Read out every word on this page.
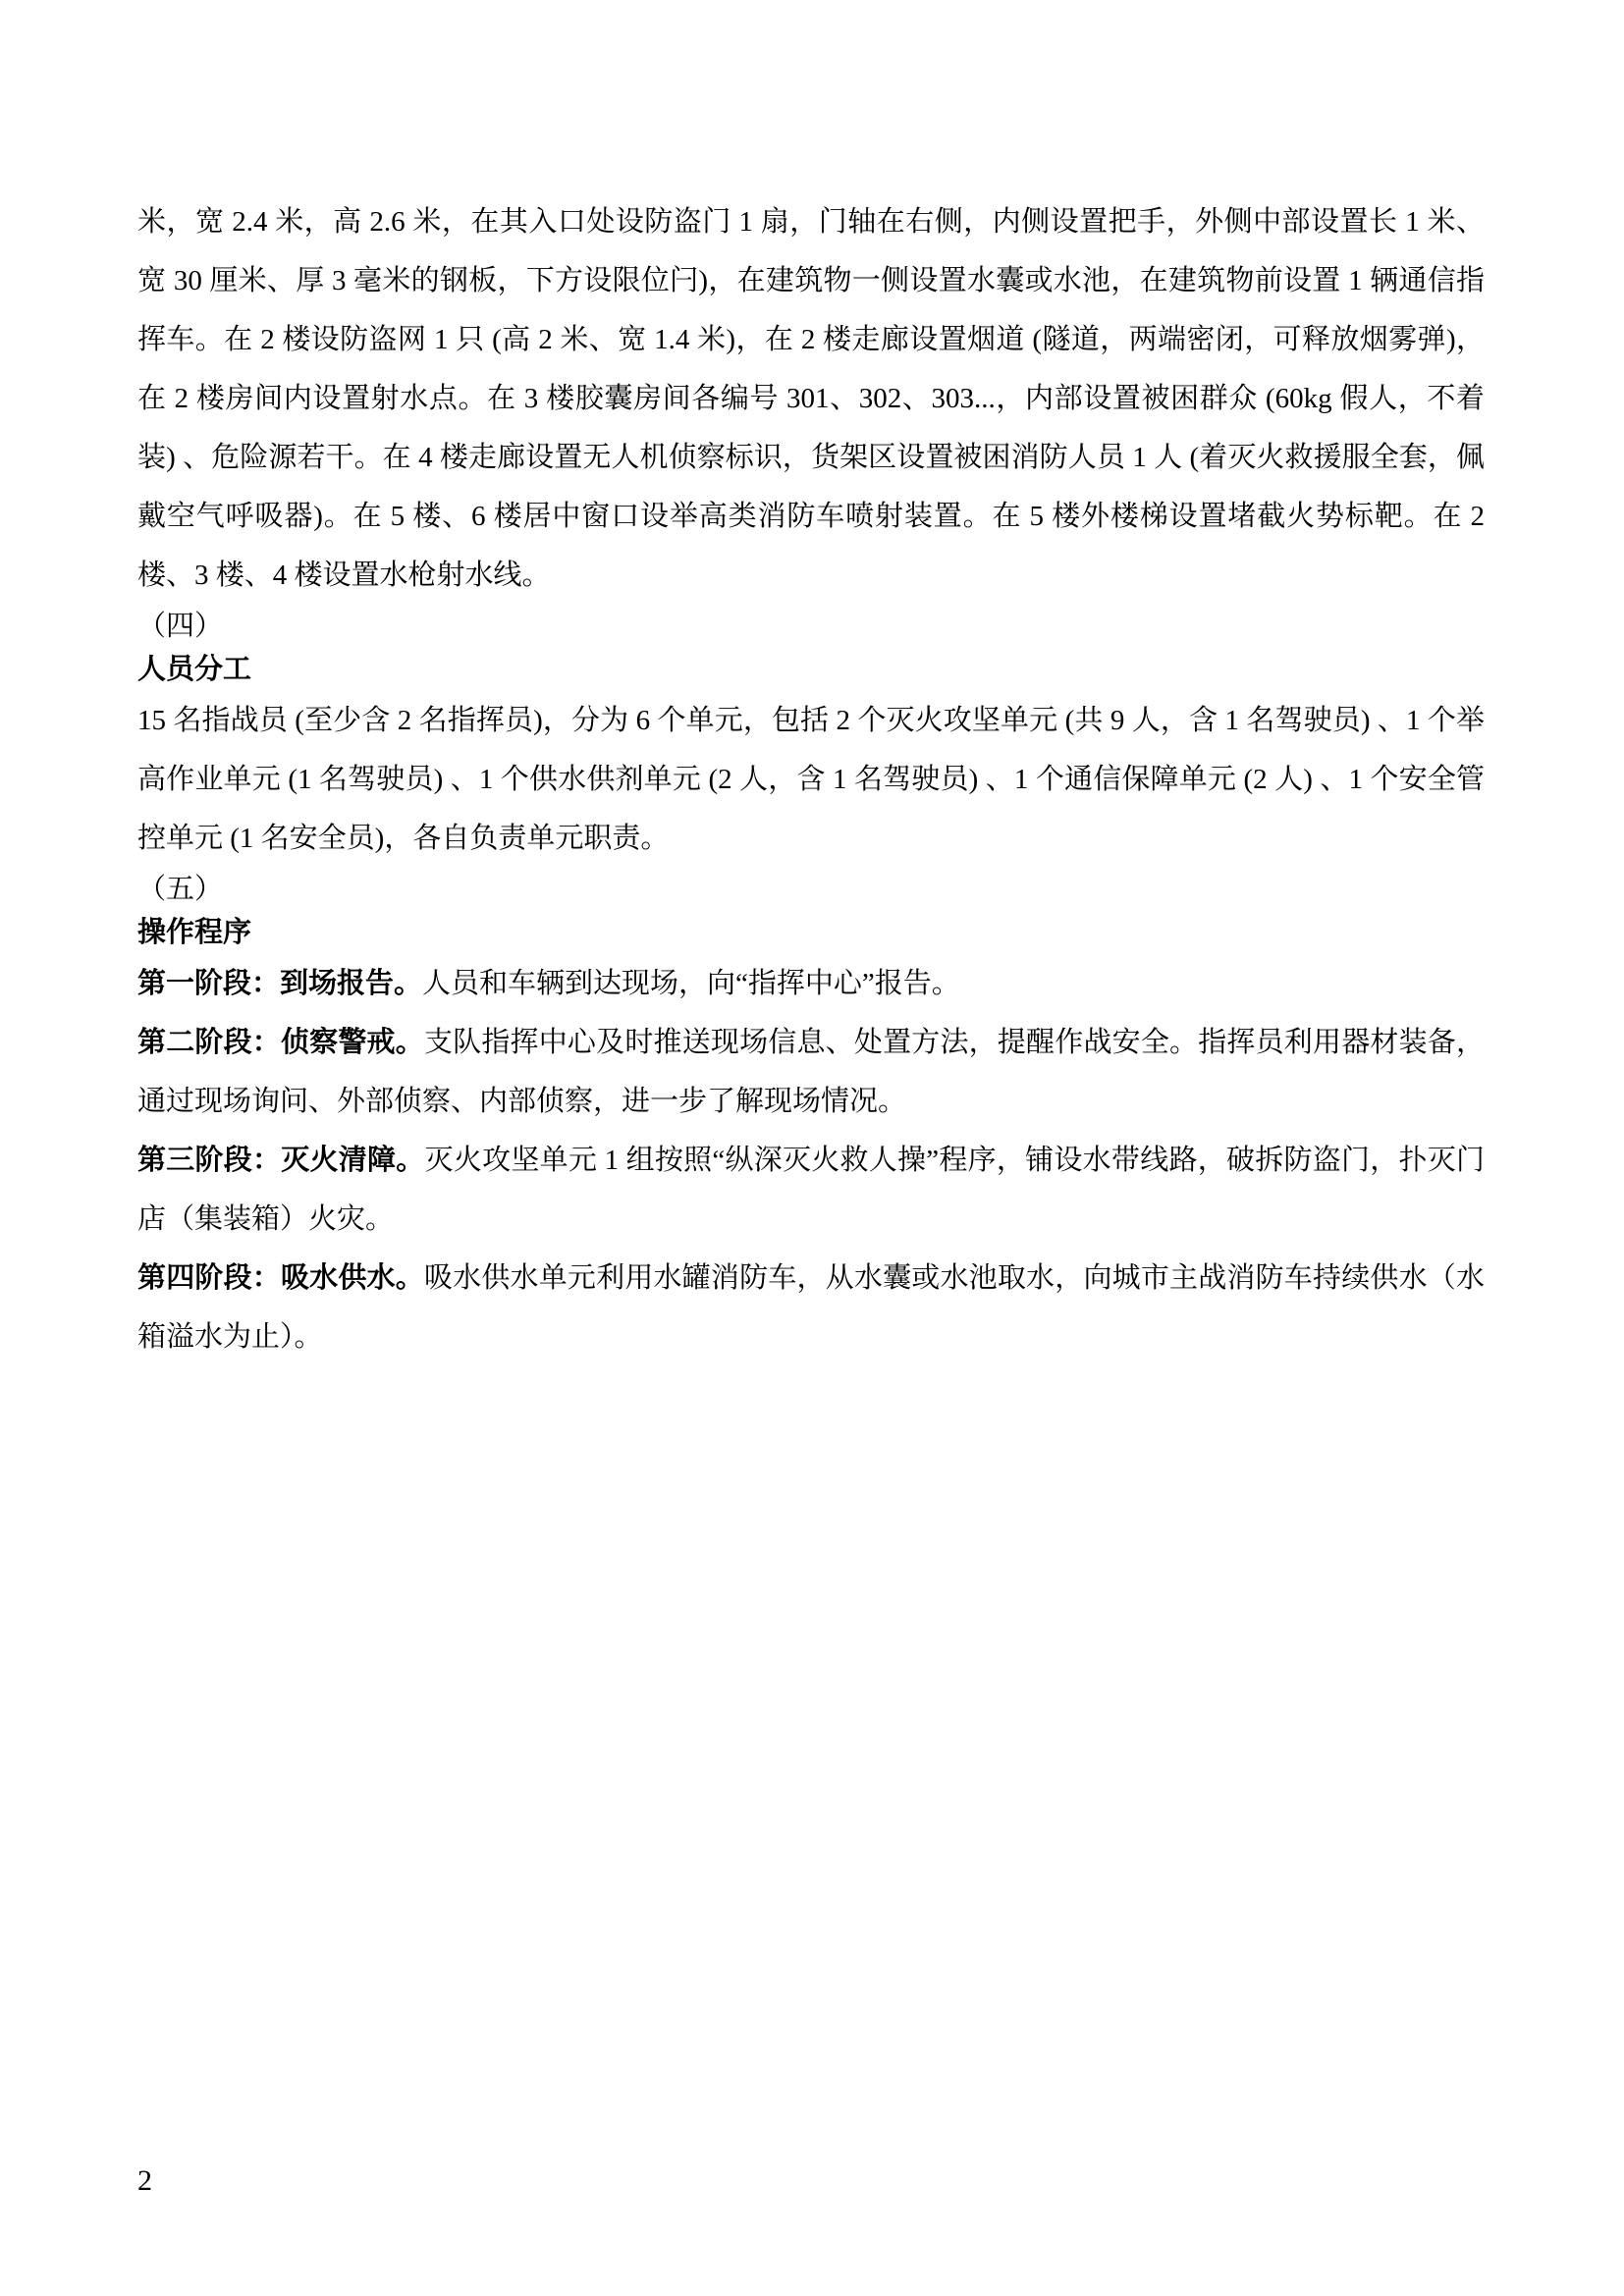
米，宽 2.4 米，高 2.6 米，在其入口处设防盗门 1 扇，门轴在右侧，内侧设置把手，外侧中部设置长 1 米、宽 30 厘米、厚 3 毫米的钢板，下方设限位闩)，在建筑物一侧设置水囊或水池，在建筑物前设置 1 辆通信指挥车。在 2 楼设防盗网 1 只 (高 2 米、宽 1.4 米)，在 2 楼走廊设置烟道 (隧道，两端密闭，可释放烟雾弹)，在 2 楼房间内设置射水点。在 3 楼胶囊房间各编号 301、302、303...，内部设置被困群众 (60kg 假人，不着装) 、危险源若干。在 4 楼走廊设置无人机侦察标识，货架区设置被困消防人员 1 人 (着灭火救援服全套，佩戴空气呼吸器)。在 5 楼、6 楼居中窗口设举高类消防车喷射装置。在 5 楼外楼梯设置堵截火势标靶。在 2 楼、3 楼、4 楼设置水枪射水线。

（四）

人员分工

15 名指战员 (至少含 2 名指挥员)，分为 6 个单元，包括 2 个灭火攻坚单元 (共 9 人，含 1 名驾驶员) 、1 个举高作业单元 (1 名驾驶员) 、1 个供水供剂单元 (2 人，含 1 名驾驶员) 、1 个通信保障单元 (2 人) 、1 个安全管控单元 (1 名安全员)，各自负责单元职责。

（五）

操作程序

第一阶段：到场报告。人员和车辆到达现场，向“指挥中心”报告。

第二阶段：侦察警戒。支队指挥中心及时推送现场信息、处置方法，提醒作战安全。指挥员利用器材装备，通过现场询问、外部侦察、内部侦察，进一步了解现场情况。

第三阶段：灭火清障。灭火攻坚单元 1 组按照“纵深灭火救人操”程序，铺设水带线路，破拆防盗门，扑灭门店（集装箱）火灾。

第四阶段：吸水供水。吸水供水单元利用水罐消防车，从水囊或水池取水，向城市主战消防车持续供水（水箱溢水为止）。

2
